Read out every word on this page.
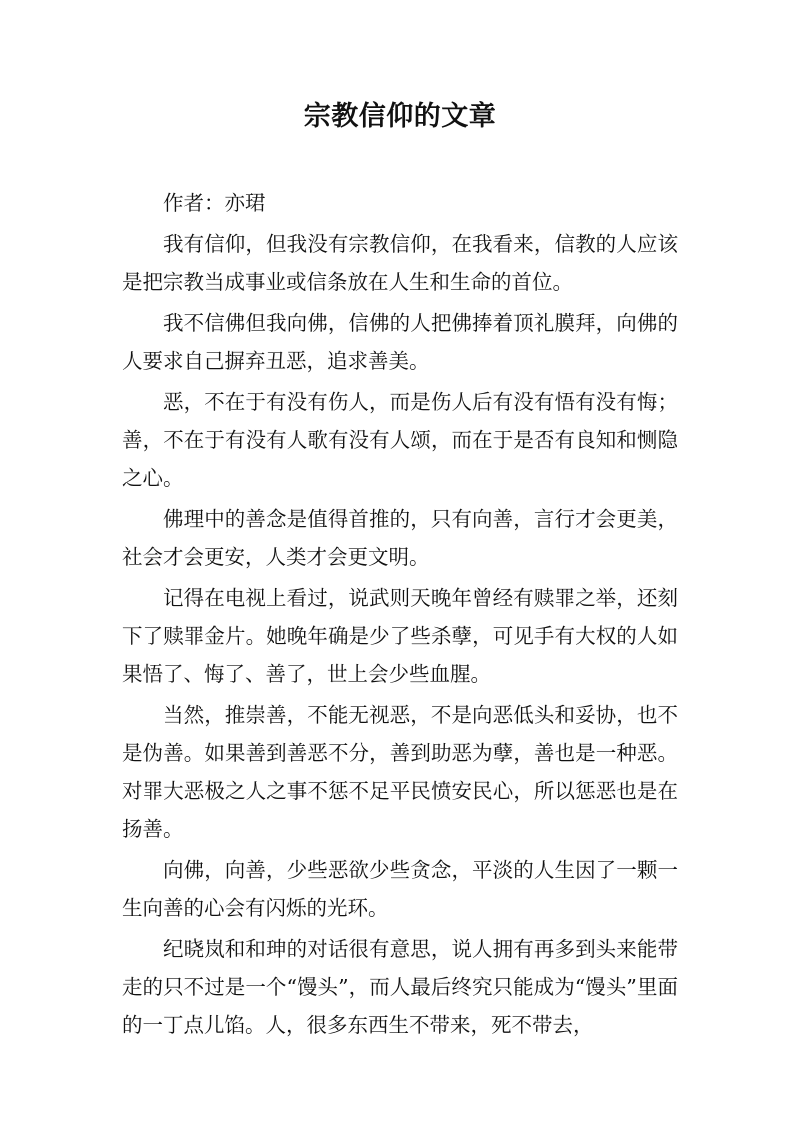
宗教信仰的文章

作者：亦珺

我有信仰，但我没有宗教信仰，在我看来，信教的人应该是把宗教当成事业或信条放在人生和生命的首位。

我不信佛但我向佛，信佛的人把佛捧着顶礼膜拜，向佛的人要求自己摒弃丑恶，追求善美。

恶，不在于有没有伤人，而是伤人后有没有悟有没有悔；善，不在于有没有人歌有没有人颂，而在于是否有良知和恻隐之心。

佛理中的善念是值得首推的，只有向善，言行才会更美，社会才会更安，人类才会更文明。

记得在电视上看过，说武则天晚年曾经有赎罪之举，还刻下了赎罪金片。她晚年确是少了些杀孽，可见手有大权的人如果悟了、悔了、善了，世上会少些血腥。

当然，推崇善，不能无视恶，不是向恶低头和妥协，也不是伪善。如果善到善恶不分，善到助恶为孽，善也是一种恶。对罪大恶极之人之事不惩不足平民愤安民心，所以惩恶也是在扬善。

向佛，向善，少些恶欲少些贪念，平淡的人生因了一颗一生向善的心会有闪烁的光环。

纪晓岚和和珅的对话很有意思，说人拥有再多到头来能带走的只不过是一个“馒头”，而人最后终究只能成为“馒头”里面的一丁点儿馅。人，很多东西生不带来，死不带去，
